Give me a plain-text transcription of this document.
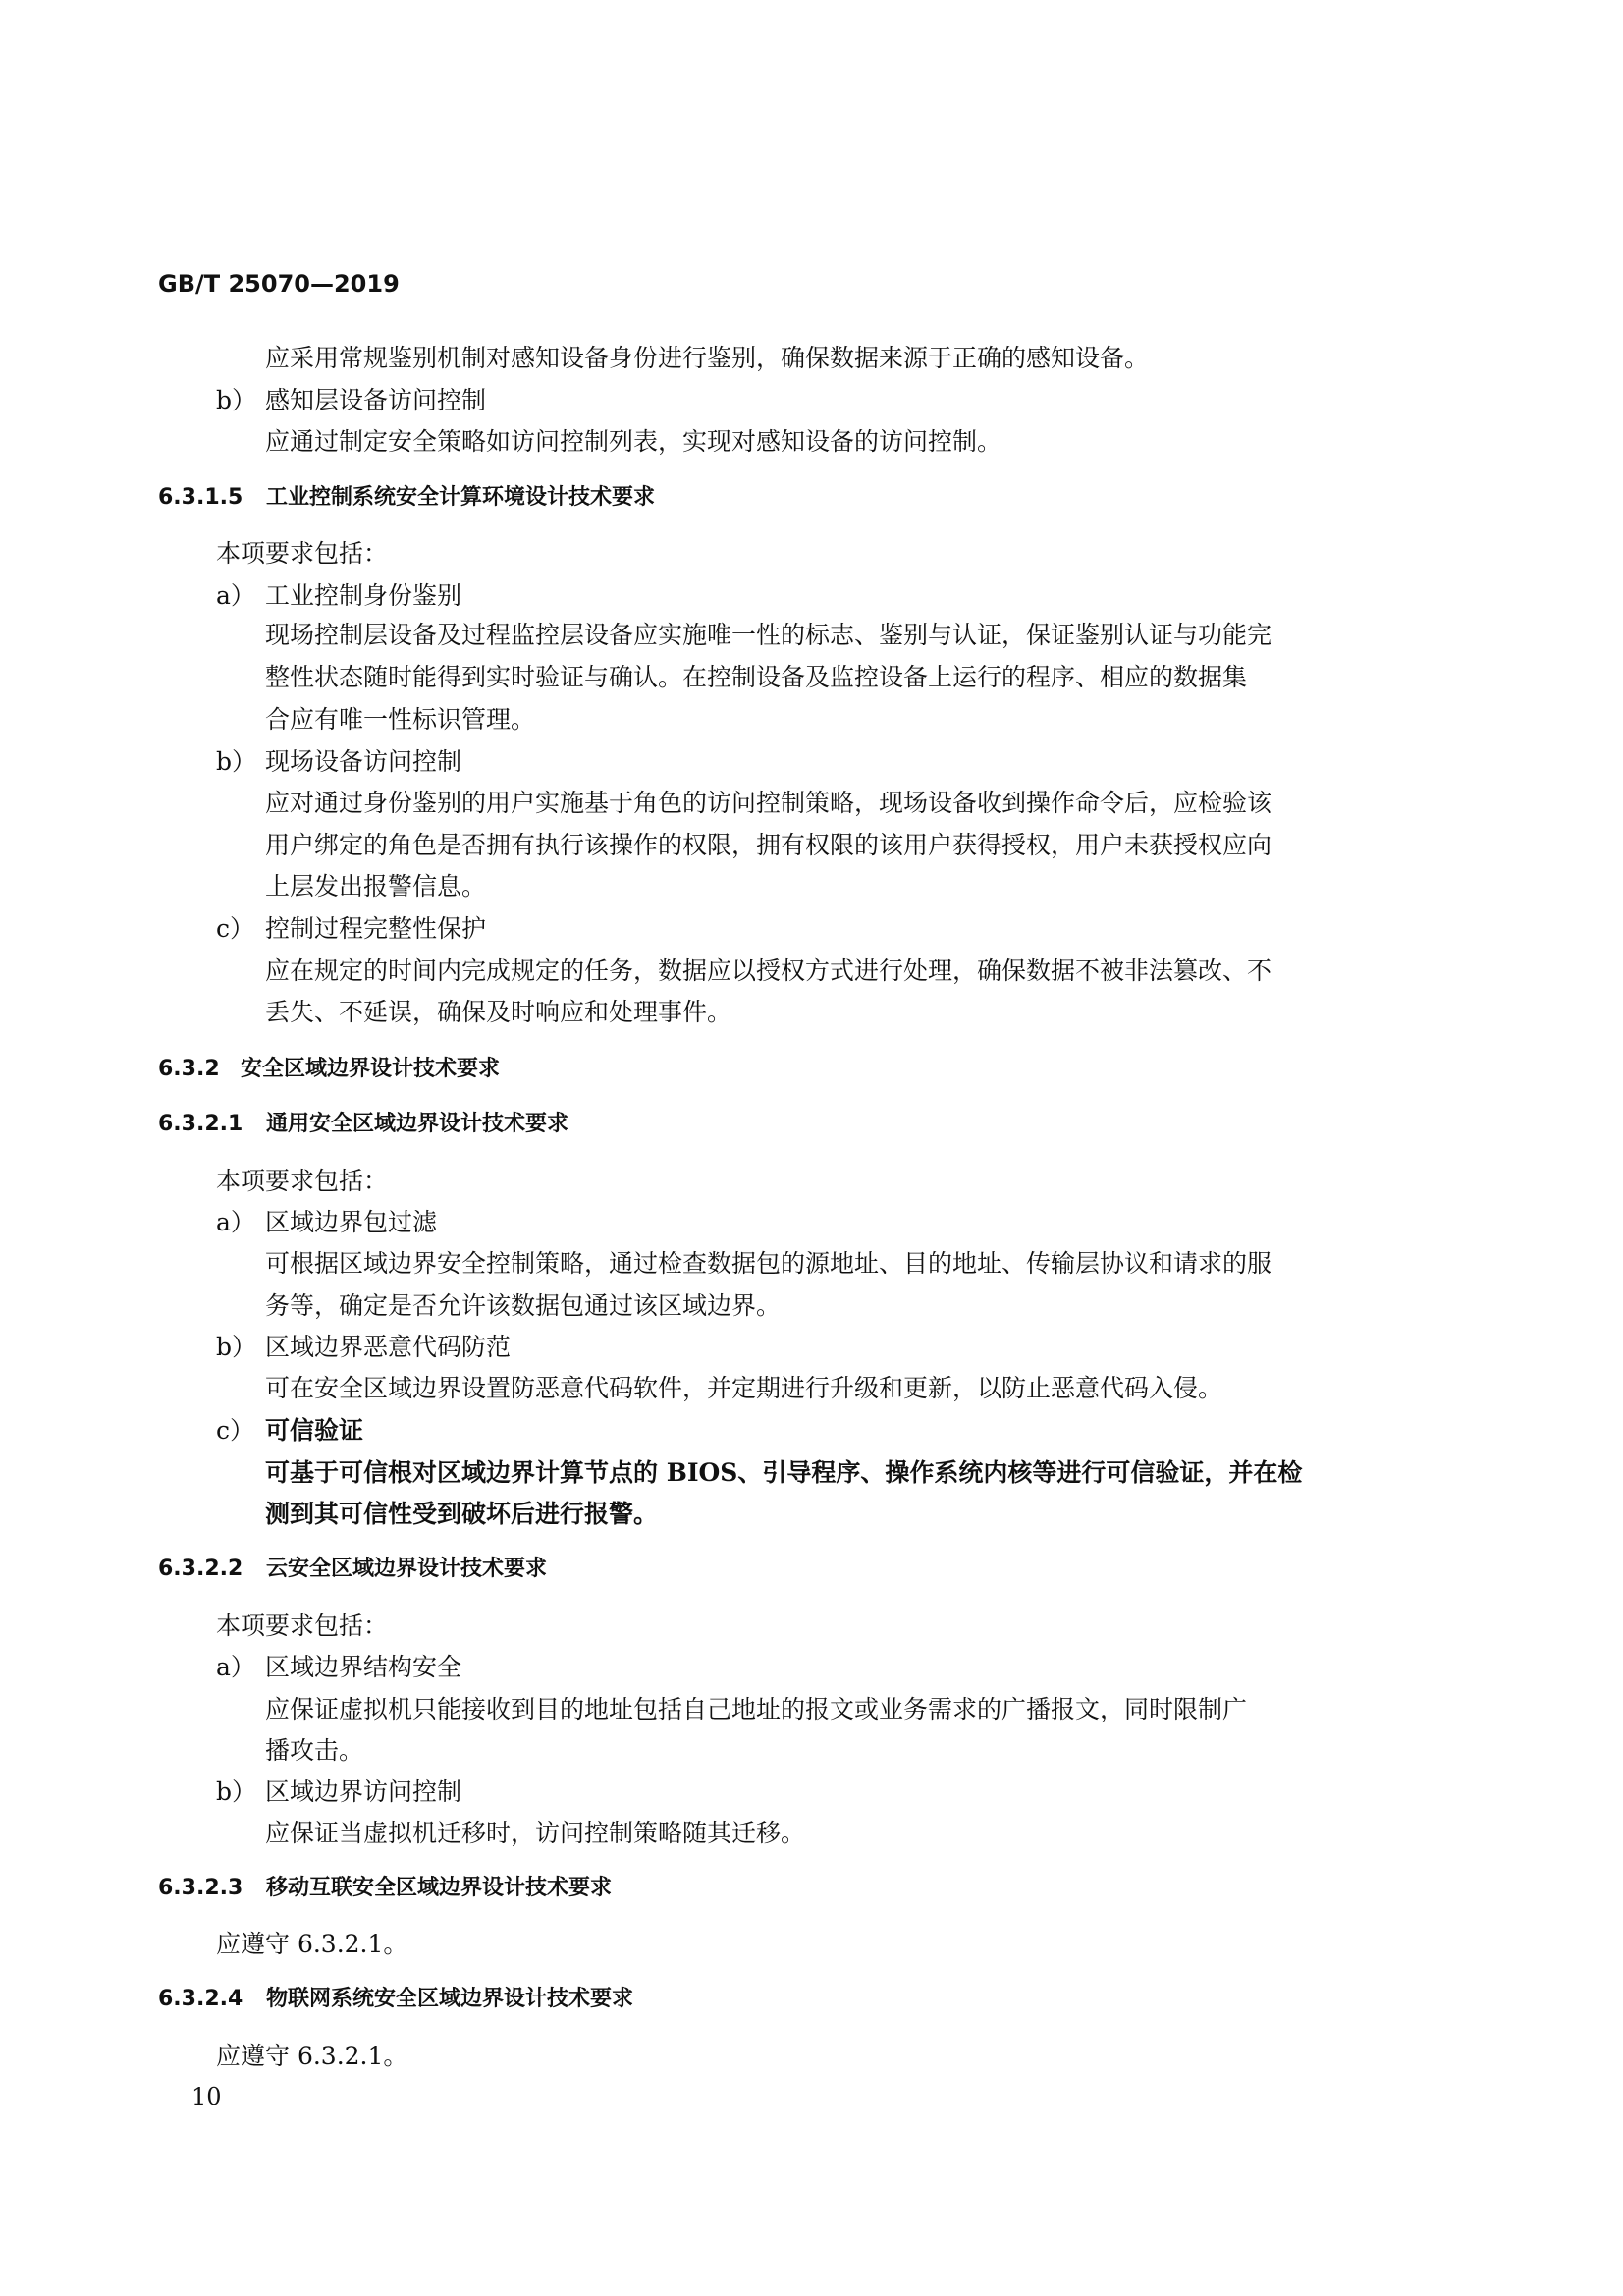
GB/T 25070—2019
应采用常规鉴别机制对感知设备身份进行鉴别，确保数据来源于正确的感知设备。
b） 感知层设备访问控制
应通过制定安全策略如访问控制列表，实现对感知设备的访问控制。
6.3.1.5 工业控制系统安全计算环境设计技术要求
本项要求包括：
a） 工业控制身份鉴别
现场控制层设备及过程监控层设备应实施唯一性的标志、鉴别与认证，保证鉴别认证与功能完
整性状态随时能得到实时验证与确认。在控制设备及监控设备上运行的程序、相应的数据集
合应有唯一性标识管理。
b） 现场设备访问控制
应对通过身份鉴别的用户实施基于角色的访问控制策略，现场设备收到操作命令后，应检验该
用户绑定的角色是否拥有执行该操作的权限，拥有权限的该用户获得授权，用户未获授权应向
上层发出报警信息。
c） 控制过程完整性保护
应在规定的时间内完成规定的任务，数据应以授权方式进行处理，确保数据不被非法篡改、不
丢失、不延误，确保及时响应和处理事件。
6.3.2 安全区域边界设计技术要求
6.3.2.1 通用安全区域边界设计技术要求
本项要求包括：
a） 区域边界包过滤
可根据区域边界安全控制策略，通过检查数据包的源地址、目的地址、传输层协议和请求的服
务等，确定是否允许该数据包通过该区域边界。
b） 区域边界恶意代码防范
可在安全区域边界设置防恶意代码软件，并定期进行升级和更新，以防止恶意代码入侵。
c） 可信验证
可基于可信根对区域边界计算节点的 BIOS、引导程序、操作系统内核等进行可信验证，并在检
测到其可信性受到破坏后进行报警。
6.3.2.2 云安全区域边界设计技术要求
本项要求包括：
a） 区域边界结构安全
应保证虚拟机只能接收到目的地址包括自己地址的报文或业务需求的广播报文，同时限制广
播攻击。
b） 区域边界访问控制
应保证当虚拟机迁移时，访问控制策略随其迁移。
6.3.2.3 移动互联安全区域边界设计技术要求
应遵守 6.3.2.1。
6.3.2.4 物联网系统安全区域边界设计技术要求
应遵守 6.3.2.1。
10
